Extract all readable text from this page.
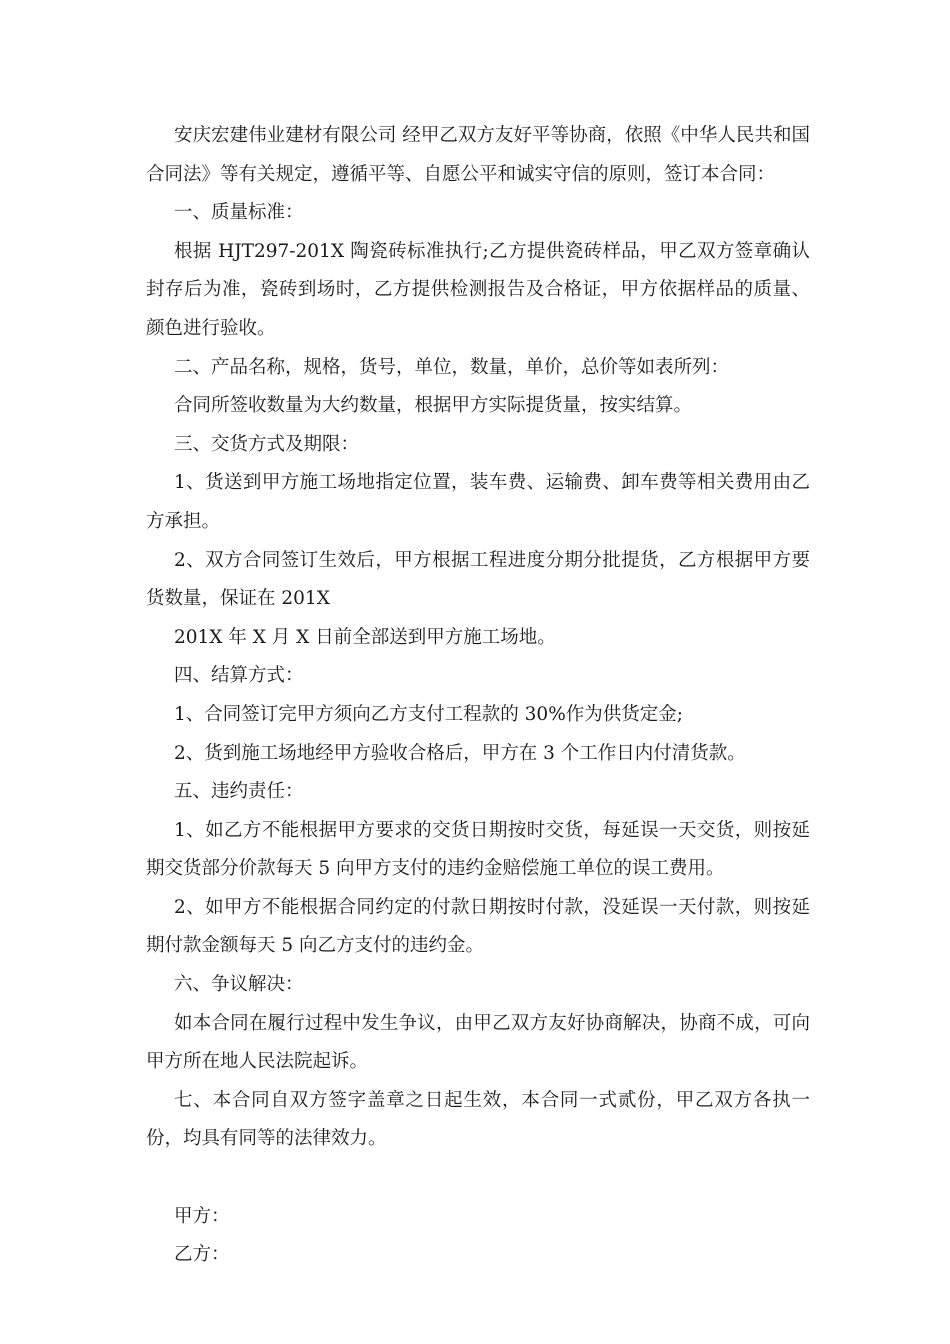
安庆宏建伟业建材有限公司 经甲乙双方友好平等协商，依照《中华人民共和国合同法》等有关规定，遵循平等、自愿公平和诚实守信的原则，签订本合同：

一、质量标准：

根据 HJT297-201X 陶瓷砖标准执行;乙方提供瓷砖样品，甲乙双方签章确认封存后为准，瓷砖到场时，乙方提供检测报告及合格证，甲方依据样品的质量、颜色进行验收。

二、产品名称，规格，货号，单位，数量，单价，总价等如表所列：

合同所签收数量为大约数量，根据甲方实际提货量，按实结算。

三、交货方式及期限：

1、货送到甲方施工场地指定位置，装车费、运输费、卸车费等相关费用由乙方承担。

2、双方合同签订生效后，甲方根据工程进度分期分批提货，乙方根据甲方要货数量，保证在 201X

201X 年 X 月 X 日前全部送到甲方施工场地。

四、结算方式：

1、合同签订完甲方须向乙方支付工程款的 30%作为供货定金;

2、货到施工场地经甲方验收合格后，甲方在 3 个工作日内付清货款。

五、违约责任：

1、如乙方不能根据甲方要求的交货日期按时交货，每延误一天交货，则按延期交货部分价款每天 5 向甲方支付的违约金赔偿施工单位的误工费用。

2、如甲方不能根据合同约定的付款日期按时付款，没延误一天付款，则按延期付款金额每天 5 向乙方支付的违约金。

六、争议解决：

如本合同在履行过程中发生争议，由甲乙双方友好协商解决，协商不成，可向甲方所在地人民法院起诉。

七、本合同自双方签字盖章之日起生效，本合同一式贰份，甲乙双方各执一份，均具有同等的法律效力。

甲方：

乙方：
